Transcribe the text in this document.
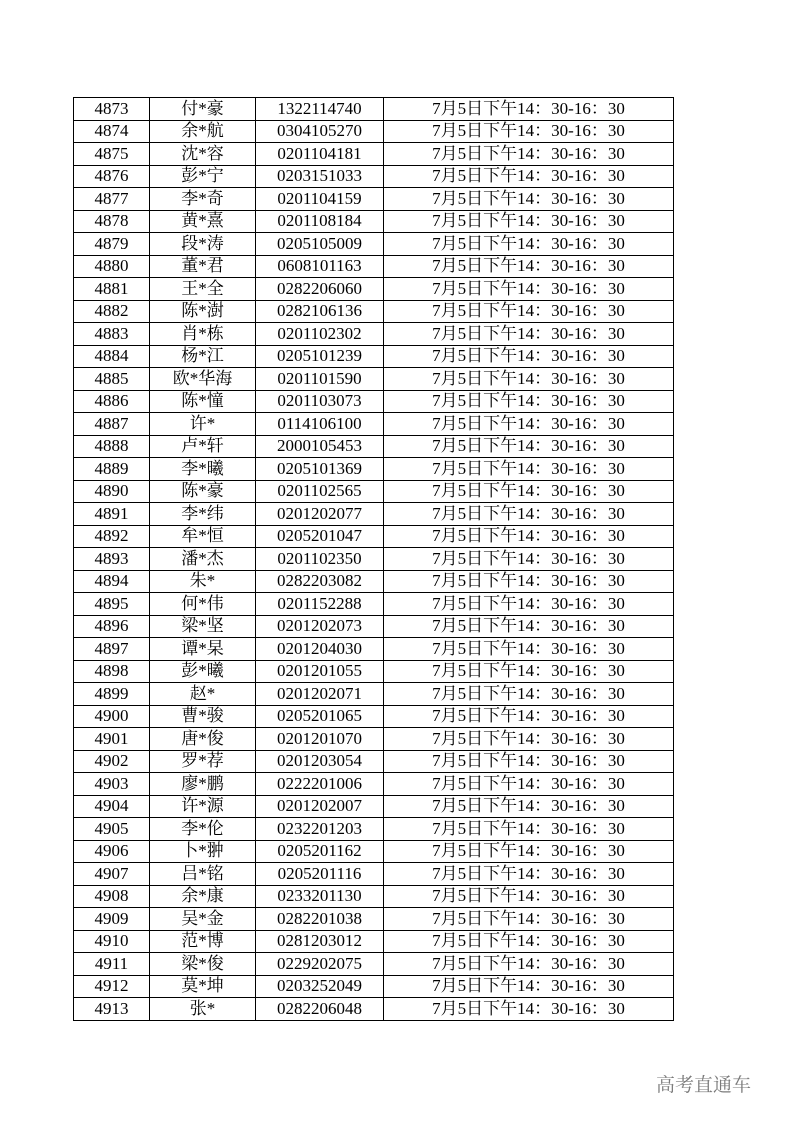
4873	付*豪	1322114740	7月5日下午14：30-16：30
4874	余*航	0304105270	7月5日下午14：30-16：30
4875	沈*容	0201104181	7月5日下午14：30-16：30
4876	彭*宁	0203151033	7月5日下午14：30-16：30
4877	李*奇	0201104159	7月5日下午14：30-16：30
4878	黄*熹	0201108184	7月5日下午14：30-16：30
4879	段*涛	0205105009	7月5日下午14：30-16：30
4880	董*君	0608101163	7月5日下午14：30-16：30
4881	王*全	0282206060	7月5日下午14：30-16：30
4882	陈*澍	0282106136	7月5日下午14：30-16：30
4883	肖*栋	0201102302	7月5日下午14：30-16：30
4884	杨*江	0205101239	7月5日下午14：30-16：30
4885	欧*华海	0201101590	7月5日下午14：30-16：30
4886	陈*憧	0201103073	7月5日下午14：30-16：30
4887	许*	0114106100	7月5日下午14：30-16：30
4888	卢*轩	2000105453	7月5日下午14：30-16：30
4889	李*曦	0205101369	7月5日下午14：30-16：30
4890	陈*豪	0201102565	7月5日下午14：30-16：30
4891	李*纬	0201202077	7月5日下午14：30-16：30
4892	牟*恒	0205201047	7月5日下午14：30-16：30
4893	潘*杰	0201102350	7月5日下午14：30-16：30
4894	朱*	0282203082	7月5日下午14：30-16：30
4895	何*伟	0201152288	7月5日下午14：30-16：30
4896	梁*坚	0201202073	7月5日下午14：30-16：30
4897	谭*杲	0201204030	7月5日下午14：30-16：30
4898	彭*曦	0201201055	7月5日下午14：30-16：30
4899	赵*	0201202071	7月5日下午14：30-16：30
4900	曹*骏	0205201065	7月5日下午14：30-16：30
4901	唐*俊	0201201070	7月5日下午14：30-16：30
4902	罗*荐	0201203054	7月5日下午14：30-16：30
4903	廖*鹏	0222201006	7月5日下午14：30-16：30
4904	许*源	0201202007	7月5日下午14：30-16：30
4905	李*伦	0232201203	7月5日下午14：30-16：30
4906	卜*翀	0205201162	7月5日下午14：30-16：30
4907	吕*铭	0205201116	7月5日下午14：30-16：30
4908	余*康	0233201130	7月5日下午14：30-16：30
4909	吴*金	0282201038	7月5日下午14：30-16：30
4910	范*博	0281203012	7月5日下午14：30-16：30
4911	梁*俊	0229202075	7月5日下午14：30-16：30
4912	莫*坤	0203252049	7月5日下午14：30-16：30
4913	张*	0282206048	7月5日下午14：30-16：30
高考直通车
